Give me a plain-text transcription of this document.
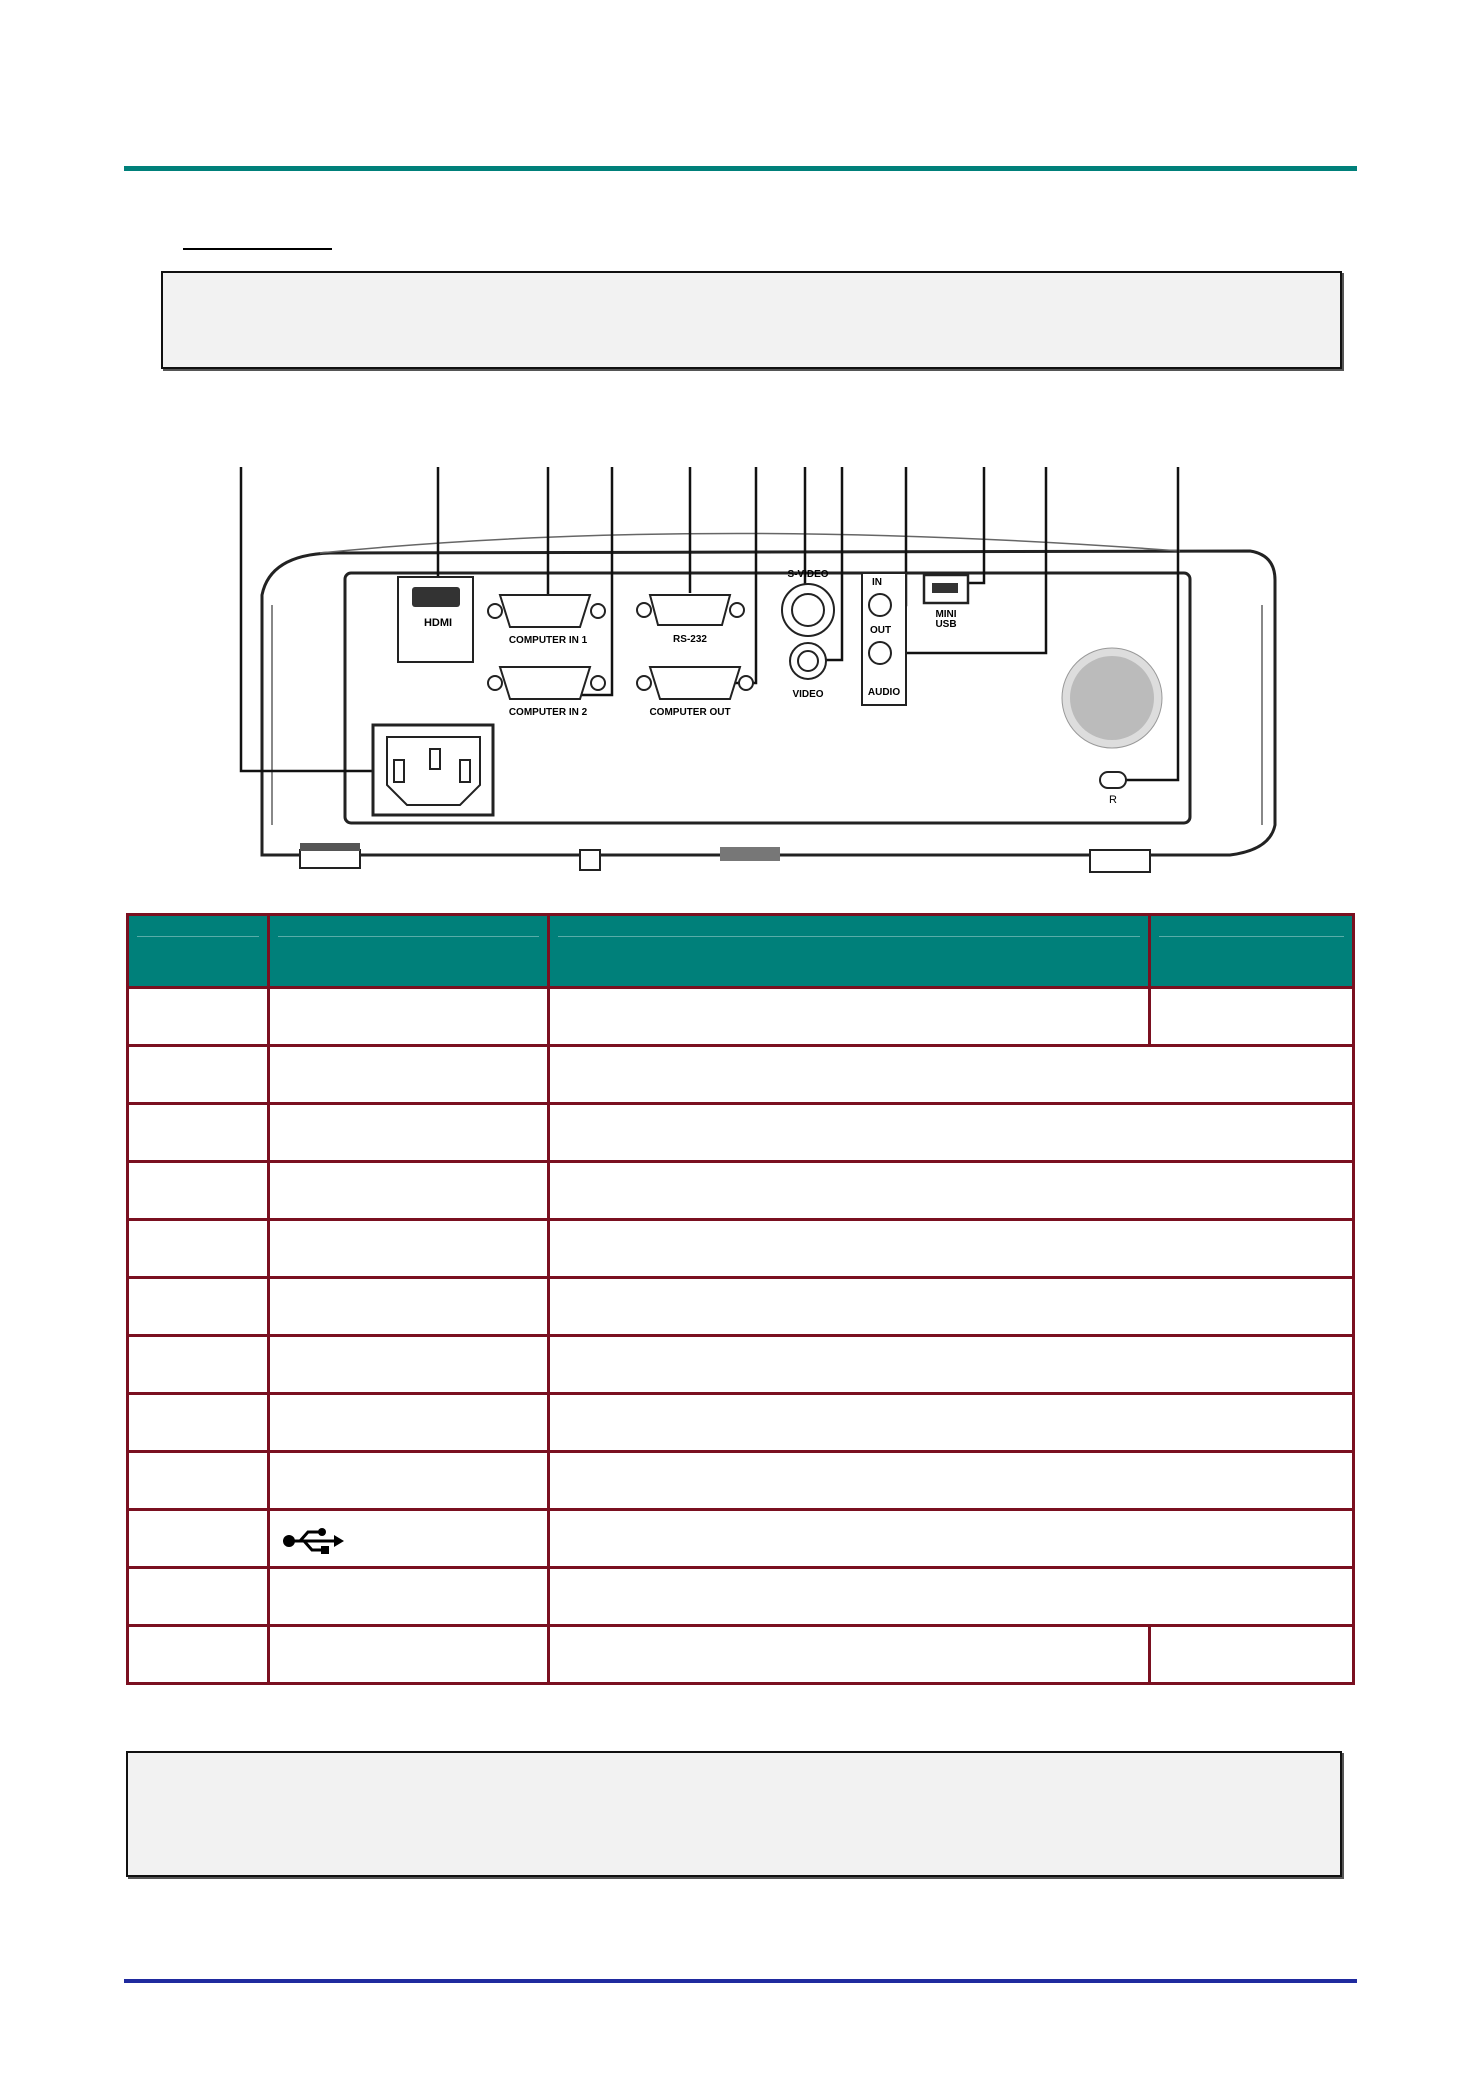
HDMI
COMPUTER IN 1
COMPUTER IN 2
RS-232
COMPUTER OUT
S-VIDEO
VIDEO
IN
OUT
AUDIO
MINI
USB
R
